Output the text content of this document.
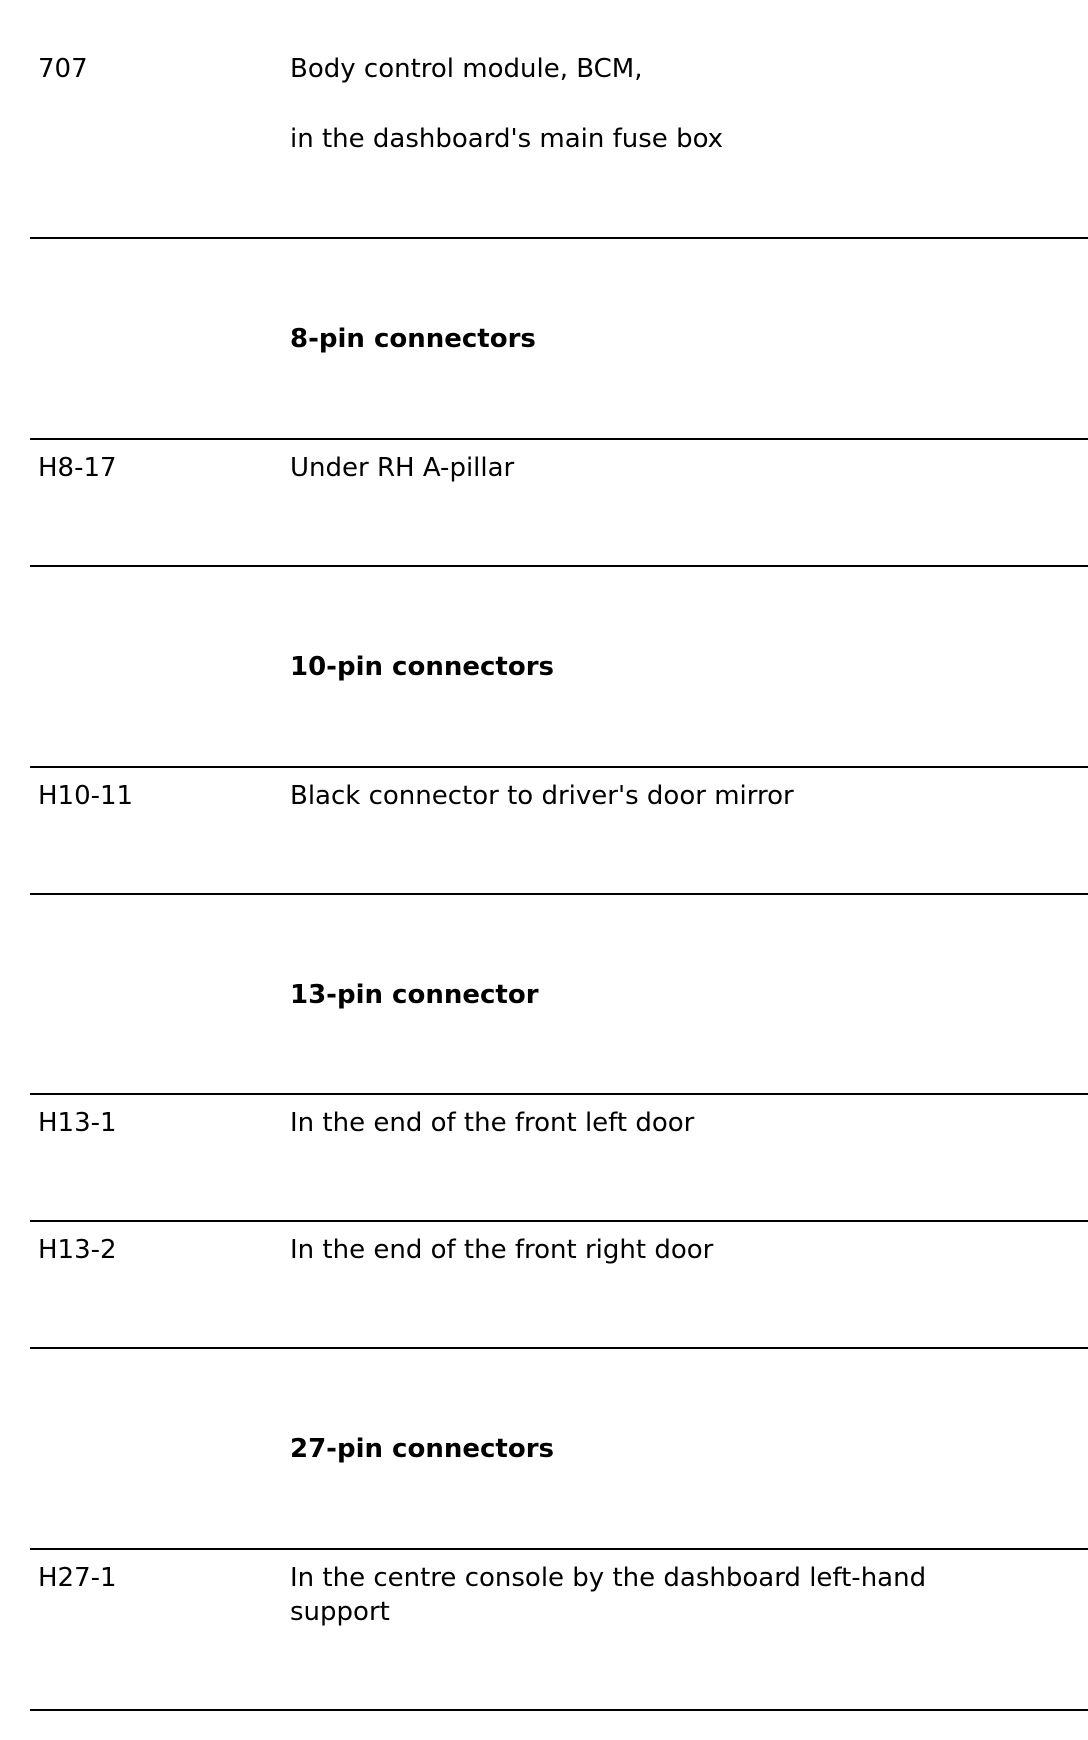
707	Body control module, BCM,
in the dashboard's main fuse box
8-pin connectors
H8-17	Under RH A-pillar
10-pin connectors
H10-11	Black connector to driver's door mirror
13-pin connector
H13-1	In the end of the front left door
H13-2	In the end of the front right door
27-pin connectors
H27-1	In the centre console by the dashboard left-hand support
